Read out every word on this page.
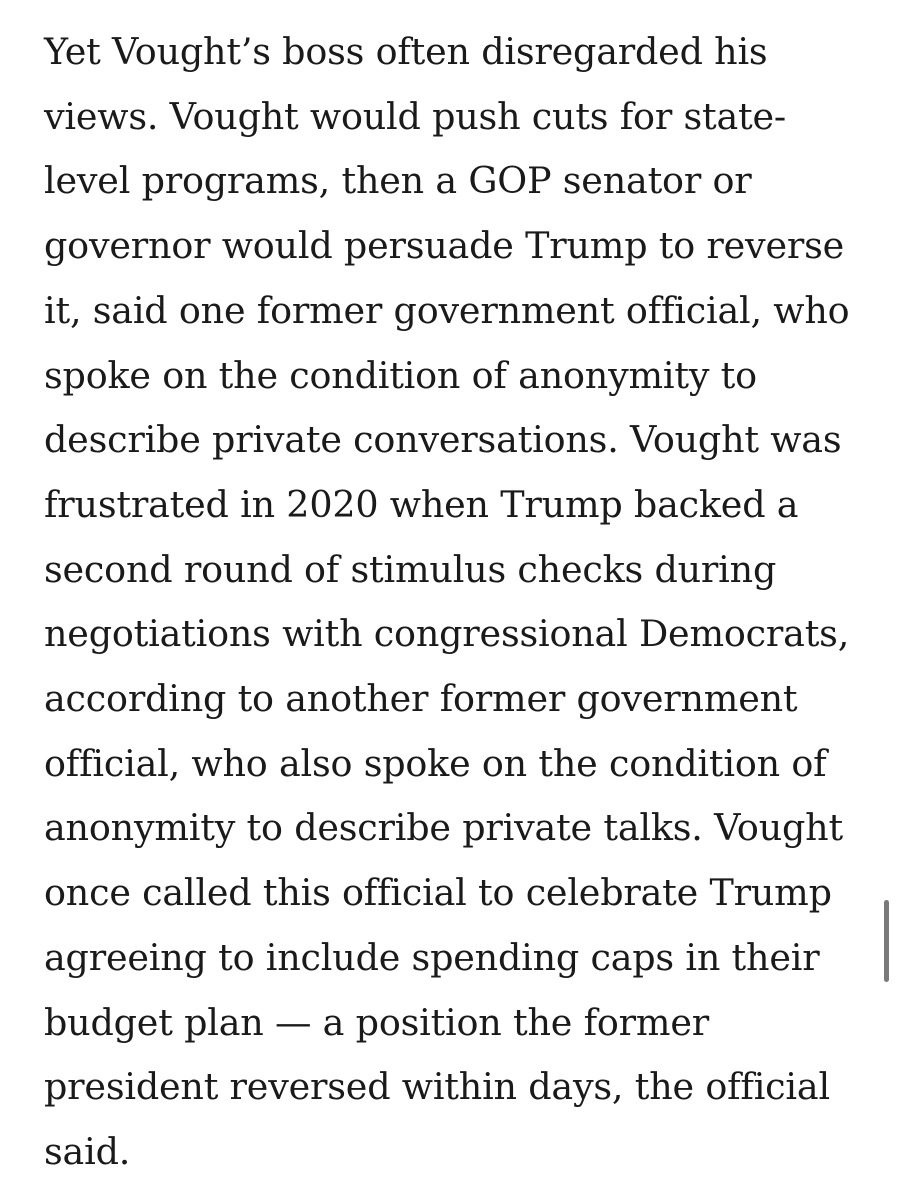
Yet Vought’s boss often disregarded his
views. Vought would push cuts for state-
level programs, then a GOP senator or
governor would persuade Trump to reverse
it, said one former government official, who
spoke on the condition of anonymity to
describe private conversations. Vought was
frustrated in 2020 when Trump backed a
second round of stimulus checks during
negotiations with congressional Democrats,
according to another former government
official, who also spoke on the condition of
anonymity to describe private talks. Vought
once called this official to celebrate Trump
agreeing to include spending caps in their
budget plan — a position the former
president reversed within days, the official
said.
